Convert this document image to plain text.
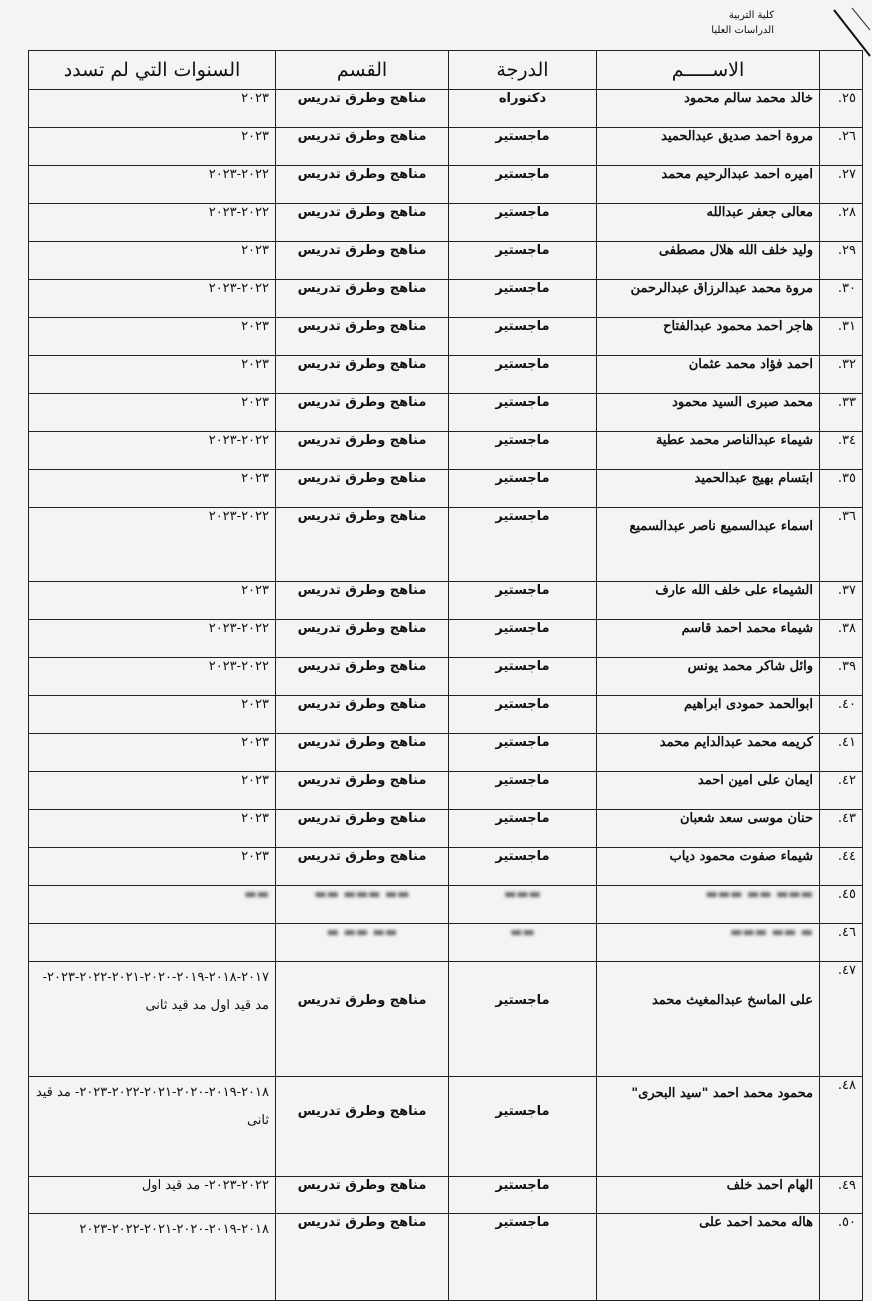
كلية التربية
الدراسات العليا
	الاســـــم	الدرجة	القسم	السنوات التي لم تسدد
٢٥.	خالد محمد سالم محمود	دكتوراه	مناهج وطرق تدريس	٢٠٢٣
٢٦.	مروة احمد صديق عبدالحميد	ماجستير	مناهج وطرق تدريس	٢٠٢٣
٢٧.	اميره احمد عبدالرحيم محمد	ماجستير	مناهج وطرق تدريس	٢٠٢٢-٢٠٢٣
٢٨.	معالى جعفر عبدالله	ماجستير	مناهج وطرق تدريس	٢٠٢٢-٢٠٢٣
٢٩.	وليد خلف الله هلال مصطفى	ماجستير	مناهج وطرق تدريس	٢٠٢٣
٣٠.	مروة محمد عبدالرزاق عبدالرحمن	ماجستير	مناهج وطرق تدريس	٢٠٢٢-٢٠٢٣
٣١.	هاجر احمد محمود عبدالفتاح	ماجستير	مناهج وطرق تدريس	٢٠٢٣
٣٢.	احمد فؤاد محمد عثمان	ماجستير	مناهج وطرق تدريس	٢٠٢٣
٣٣.	محمد صبرى السيد محمود	ماجستير	مناهج وطرق تدريس	٢٠٢٣
٣٤.	شيماء عبدالناصر محمد عطية	ماجستير	مناهج وطرق تدريس	٢٠٢٢-٢٠٢٣
٣٥.	ابتسام بهيج عبدالحميد	ماجستير	مناهج وطرق تدريس	٢٠٢٣
٣٦.	اسماء عبدالسميع ناصر عبدالسميع	ماجستير	مناهج وطرق تدريس	٢٠٢٢-٢٠٢٣
٣٧.	الشيماء على خلف الله عارف	ماجستير	مناهج وطرق تدريس	٢٠٢٣
٣٨.	شيماء محمد احمد قاسم	ماجستير	مناهج وطرق تدريس	٢٠٢٢-٢٠٢٣
٣٩.	وائل شاكر محمد يونس	ماجستير	مناهج وطرق تدريس	٢٠٢٢-٢٠٢٣
٤٠.	ابوالحمد حمودى ابراهيم	ماجستير	مناهج وطرق تدريس	٢٠٢٣
٤١.	كريمه محمد عبدالدايم محمد	ماجستير	مناهج وطرق تدريس	٢٠٢٣
٤٢.	ايمان على امين احمد	ماجستير	مناهج وطرق تدريس	٢٠٢٣
٤٣.	حنان موسى سعد شعبان	ماجستير	مناهج وطرق تدريس	٢٠٢٣
٤٤.	شيماء صفوت محمود دياب	ماجستير	مناهج وطرق تدريس	٢٠٢٣
٤٥.	▬▬▬ ▬▬ ▬▬▬	▬▬▬	▬▬ ▬▬▬ ▬▬	▬▬
٤٦.	▬ ▬▬ ▬▬▬	▬▬	▬▬ ▬▬ ▬	
٤٧.	على الماسخ عبدالمغيث محمد	ماجستير	مناهج وطرق تدريس	٢٠١٧-٢٠١٨-٢٠١٩-٢٠٢٠-٢٠٢١-٢٠٢٢-٢٠٢٣- مد قيد اول مد قيد ثانى
٤٨.	محمود محمد احمد "سيد البحرى"	ماجستير	مناهج وطرق تدريس	٢٠١٨-٢٠١٩-٢٠٢٠-٢٠٢١-٢٠٢٢-٢٠٢٣- مد قيد ثانى
٤٩.	الهام احمد خلف	ماجستير	مناهج وطرق تدريس	٢٠٢٢-٢٠٢٣- مد قيد اول
٥٠.	هاله محمد احمد على	ماجستير	مناهج وطرق تدريس	٢٠١٨-٢٠١٩-٢٠٢٠-٢٠٢١-٢٠٢٢-٢٠٢٣
